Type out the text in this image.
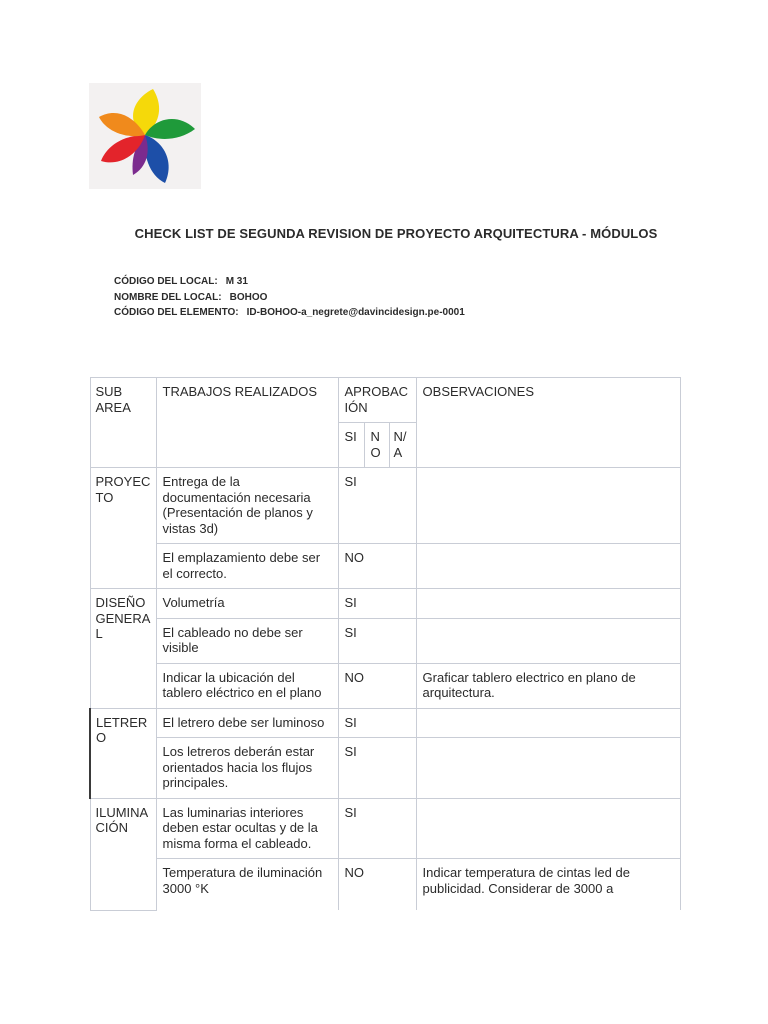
CHECK LIST DE SEGUNDA REVISION DE PROYECTO ARQUITECTURA - MÓDULOS
CÓDIGO DEL LOCAL: M 31
NOMBRE DEL LOCAL: BOHOO
CÓDIGO DEL ELEMENTO: ID-BOHOO-a_negrete@davincidesign.pe-0001
SUB AREA	TRABAJOS REALIZADOS	APROBACIÓN			OBSERVACIONES
		SI	NO	N/A	
PROYECTO	Entrega de la documentación necesaria (Presentación de planos y vistas 3d)	SI			
	El emplazamiento debe ser el correcto.	NO			
DISEÑO GENERAL	Volumetría	SI			
	El cableado no debe ser visible	SI			
	Indicar la ubicación del tablero eléctrico en el plano	NO			Graficar tablero electrico en plano de arquitectura.
LETRERO	El letrero debe ser luminoso	SI			
	Los letreros deberán estar orientados hacia los flujos principales.	SI			
ILUMINACIÓN	Las luminarias interiores deben estar ocultas y de la misma forma el cableado.	SI			
	Temperatura de iluminación 3000 °K	NO			Indicar temperatura de cintas led de publicidad. Considerar de 3000 a
